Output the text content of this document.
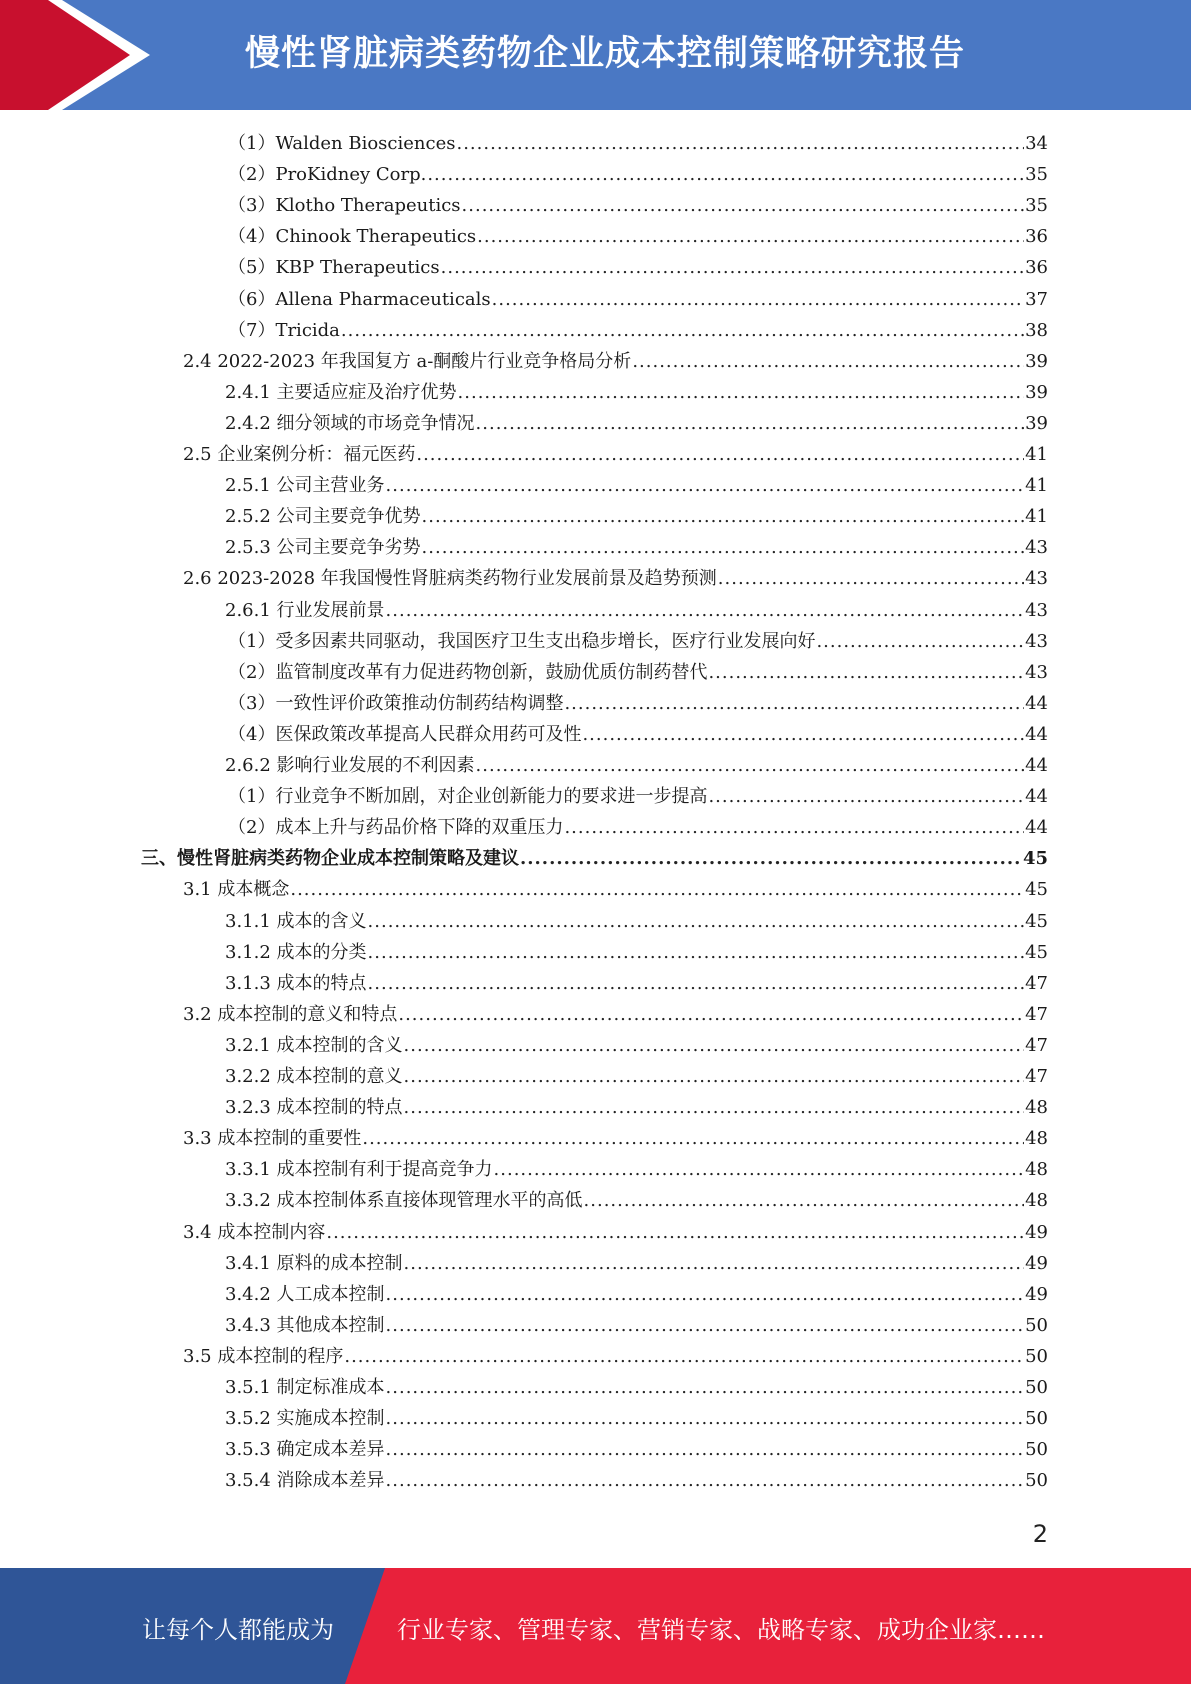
慢性肾脏病类药物企业成本控制策略研究报告
（1）Walden Biosciences .....	34
（2）ProKidney Corp. .....	35
（3）Klotho Therapeutics .....	35
（4）Chinook Therapeutics .....	36
（5）KBP Therapeutics .....	36
（6）Allena Pharmaceuticals .....	37
（7）Tricida .....	38
2.4 2022-2023 年我国复方 a-酮酸片行业竞争格局分析 .....	39
2.4.1 主要适应症及治疗优势 .....	39
2.4.2 细分领域的市场竞争情况 .....	39
2.5 企业案例分析：福元医药 .....	41
2.5.1 公司主营业务 .....	41
2.5.2 公司主要竞争优势 .....	41
2.5.3 公司主要竞争劣势 .....	43
2.6 2023-2028 年我国慢性肾脏病类药物行业发展前景及趋势预测 .....	43
2.6.1 行业发展前景 .....	43
（1）受多因素共同驱动，我国医疗卫生支出稳步增长，医疗行业发展向好 .....	43
（2）监管制度改革有力促进药物创新，鼓励优质仿制药替代 .....	43
（3）一致性评价政策推动仿制药结构调整 .....	44
（4）医保政策改革提高人民群众用药可及性 .....	44
2.6.2 影响行业发展的不利因素 .....	44
（1）行业竞争不断加剧，对企业创新能力的要求进一步提高 .....	44
（2）成本上升与药品价格下降的双重压力 .....	44
三、慢性肾脏病类药物企业成本控制策略及建议 .....	45
3.1 成本概念 .....	45
3.1.1 成本的含义 .....	45
3.1.2 成本的分类 .....	45
3.1.3 成本的特点 .....	47
3.2 成本控制的意义和特点 .....	47
3.2.1 成本控制的含义 .....	47
3.2.2 成本控制的意义 .....	47
3.2.3 成本控制的特点 .....	48
3.3 成本控制的重要性 .....	48
3.3.1 成本控制有利于提高竞争力 .....	48
3.3.2 成本控制体系直接体现管理水平的高低 .....	48
3.4 成本控制内容 .....	49
3.4.1 原料的成本控制 .....	49
3.4.2 人工成本控制 .....	49
3.4.3 其他成本控制 .....	50
3.5 成本控制的程序 .....	50
3.5.1 制定标准成本 .....	50
3.5.2 实施成本控制 .....	50
3.5.3 确定成本差异 .....	50
3.5.4 消除成本差异 .....	50
2
让每个人都能成为	行业专家、管理专家、营销专家、战略专家、成功企业家……
